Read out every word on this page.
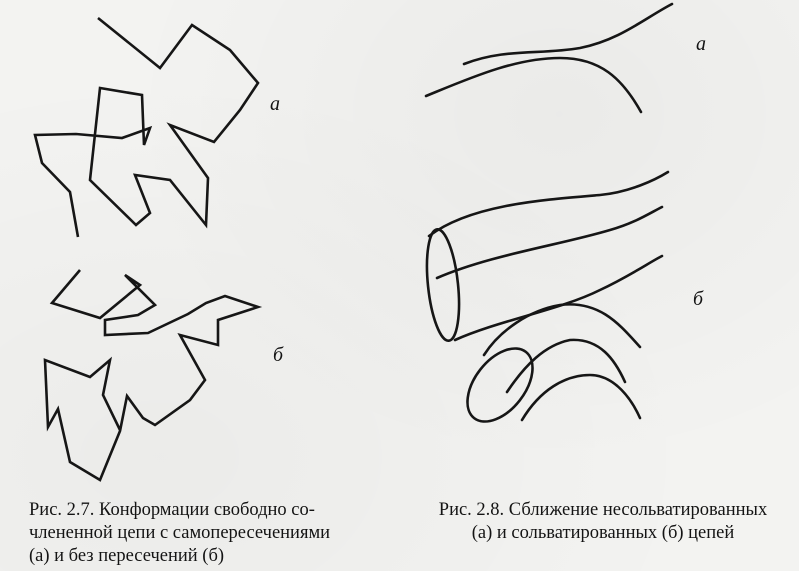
а
б
а
б
Рис. 2.7. Конформации свободно со-
члененной цепи с самопересечениями
(а) и без пересечений (б)
Рис. 2.8. Сближение несольватированных
(а) и сольватированных (б) цепей
